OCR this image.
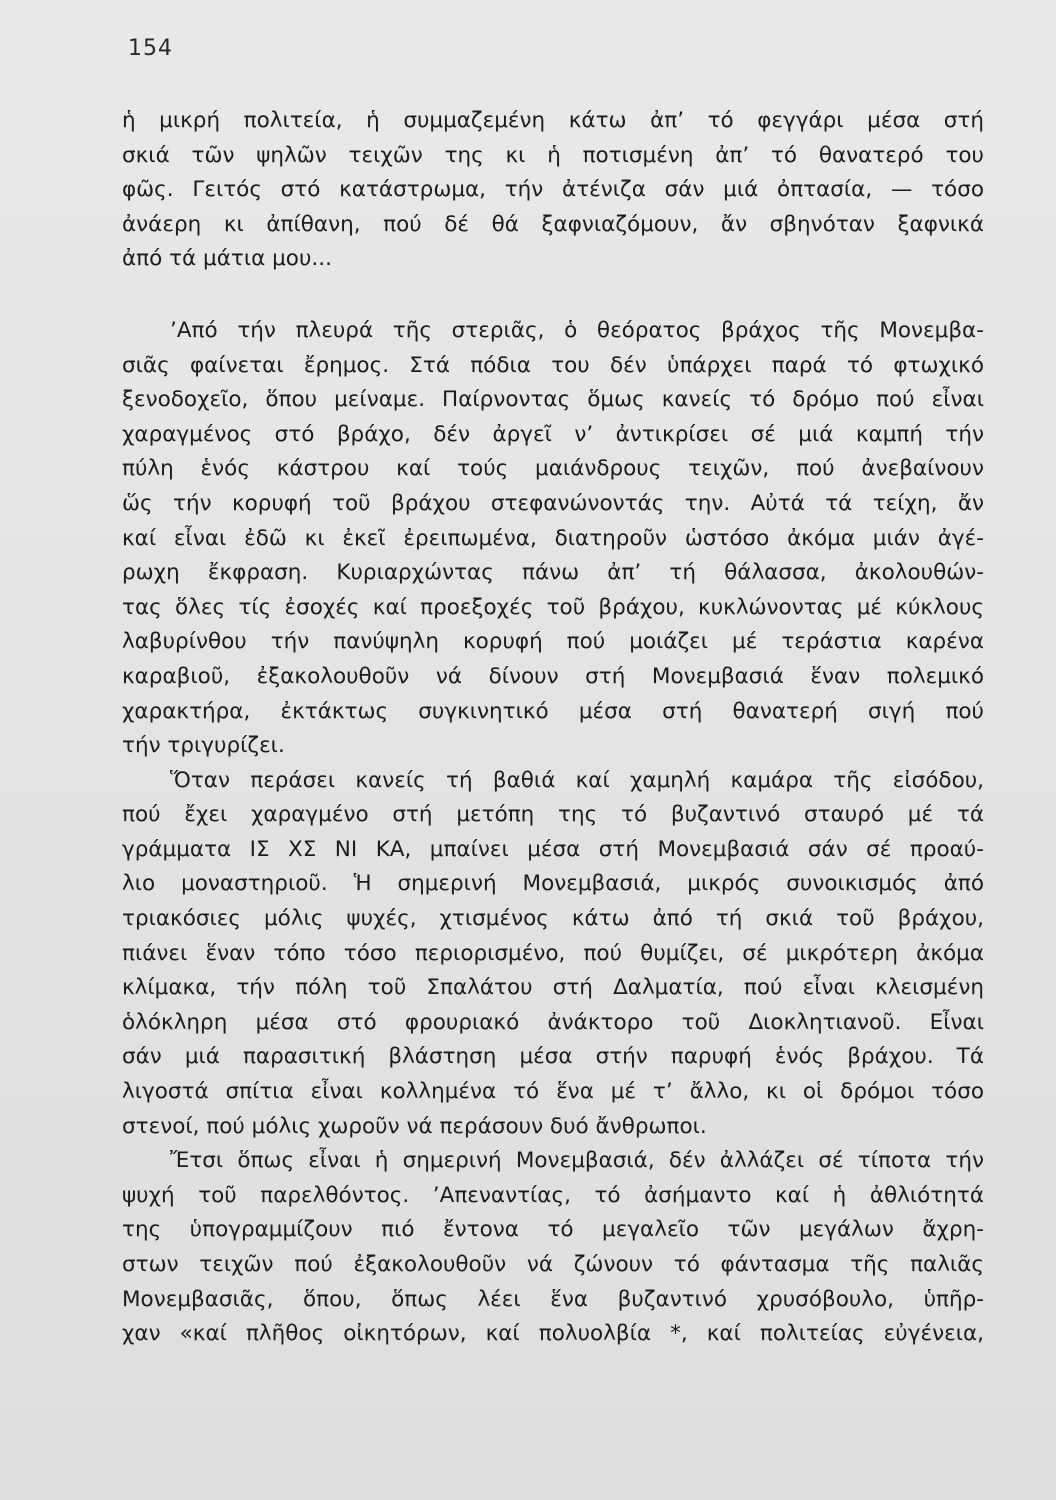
154
ἡ μικρή πολιτεία, ἡ συμμαζεμένη κάτω ἀπ’ τό φεγγάρι μέσα στή
σκιά τῶν ψηλῶν τειχῶν της κι ἡ ποτισμένη ἀπ’ τό θανατερό του
φῶς. Γειτός στό κατάστρωμα, τήν ἀτένιζα σάν μιά ὀπτασία, — τόσο
ἀνάερη κι ἀπίθανη, πού δέ θά ξαφνιαζόμουν, ἄν σβηνόταν ξαφνικά
ἀπό τά μάτια μου...
’Από τήν πλευρά τῆς στεριᾶς, ὁ θεόρατος βράχος τῆς Μονεμβα-
σιᾶς φαίνεται ἔρημος. Στά πόδια του δέν ὑπάρχει παρά τό φτωχικό
ξενοδοχεῖο, ὅπου μείναμε. Παίρνοντας ὅμως κανείς τό δρόμο πού εἶναι
χαραγμένος στό βράχο, δέν ἀργεῖ ν’ ἀντικρίσει σέ μιά καμπή τήν
πύλη ἑνός κάστρου καί τούς μαιάνδρους τειχῶν, πού ἀνεβαίνουν
ὥς τήν κορυφή τοῦ βράχου στεφανώνοντάς την. Αὐτά τά τείχη, ἄν
καί εἶναι ἐδῶ κι ἐκεῖ ἐρειπωμένα, διατηροῦν ὡστόσο ἀκόμα μιάν ἀγέ-
ρωχη ἔκφραση. Κυριαρχώντας πάνω ἀπ’ τή θάλασσα, ἀκολουθών-
τας ὅλες τίς ἐσοχές καί προεξοχές τοῦ βράχου, κυκλώνοντας μέ κύκλους
λαβυρίνθου τήν πανύψηλη κορυφή πού μοιάζει μέ τεράστια καρένα
καραβιοῦ, ἐξακολουθοῦν νά δίνουν στή Μονεμβασιά ἕναν πολεμικό
χαρακτήρα, ἐκτάκτως συγκινητικό μέσα στή θανατερή σιγή πού
τήν τριγυρίζει.
Ὅταν περάσει κανείς τή βαθιά καί χαμηλή καμάρα τῆς εἰσόδου,
πού ἔχει χαραγμένο στή μετόπη της τό βυζαντινό σταυρό μέ τά
γράμματα ΙΣ ΧΣ ΝΙ ΚΑ, μπαίνει μέσα στή Μονεμβασιά σάν σέ προαύ-
λιο μοναστηριοῦ. Ἡ σημερινή Μονεμβασιά, μικρός συνοικισμός ἀπό
τριακόσιες μόλις ψυχές, χτισμένος κάτω ἀπό τή σκιά τοῦ βράχου,
πιάνει ἕναν τόπο τόσο περιορισμένο, πού θυμίζει, σέ μικρότερη ἀκόμα
κλίμακα, τήν πόλη τοῦ Σπαλάτου στή Δαλματία, πού εἶναι κλεισμένη
ὁλόκληρη μέσα στό φρουριακό ἀνάκτορο τοῦ Διοκλητιανοῦ. Εἶναι
σάν μιά παρασιτική βλάστηση μέσα στήν παρυφή ἑνός βράχου. Τά
λιγοστά σπίτια εἶναι κολλημένα τό ἕνα μέ τ’ ἄλλο, κι οἱ δρόμοι τόσο
στενοί, πού μόλις χωροῦν νά περάσουν δυό ἄνθρωποι.
Ἔτσι ὅπως εἶναι ἡ σημερινή Μονεμβασιά, δέν ἀλλάζει σέ τίποτα τήν
ψυχή τοῦ παρελθόντος. ’Απεναντίας, τό ἀσήμαντο καί ἡ ἀθλιότητά
της ὑπογραμμίζουν πιό ἔντονα τό μεγαλεῖο τῶν μεγάλων ἄχρη-
στων τειχῶν πού ἐξακολουθοῦν νά ζώνουν τό φάντασμα τῆς παλιᾶς
Μονεμβασιᾶς, ὅπου, ὅπως λέει ἕνα βυζαντινό χρυσόβουλο, ὑπῆρ-
χαν «καί πλῆθος οἰκητόρων, καί πολυολβία *, καί πολιτείας εὐγένεια,
